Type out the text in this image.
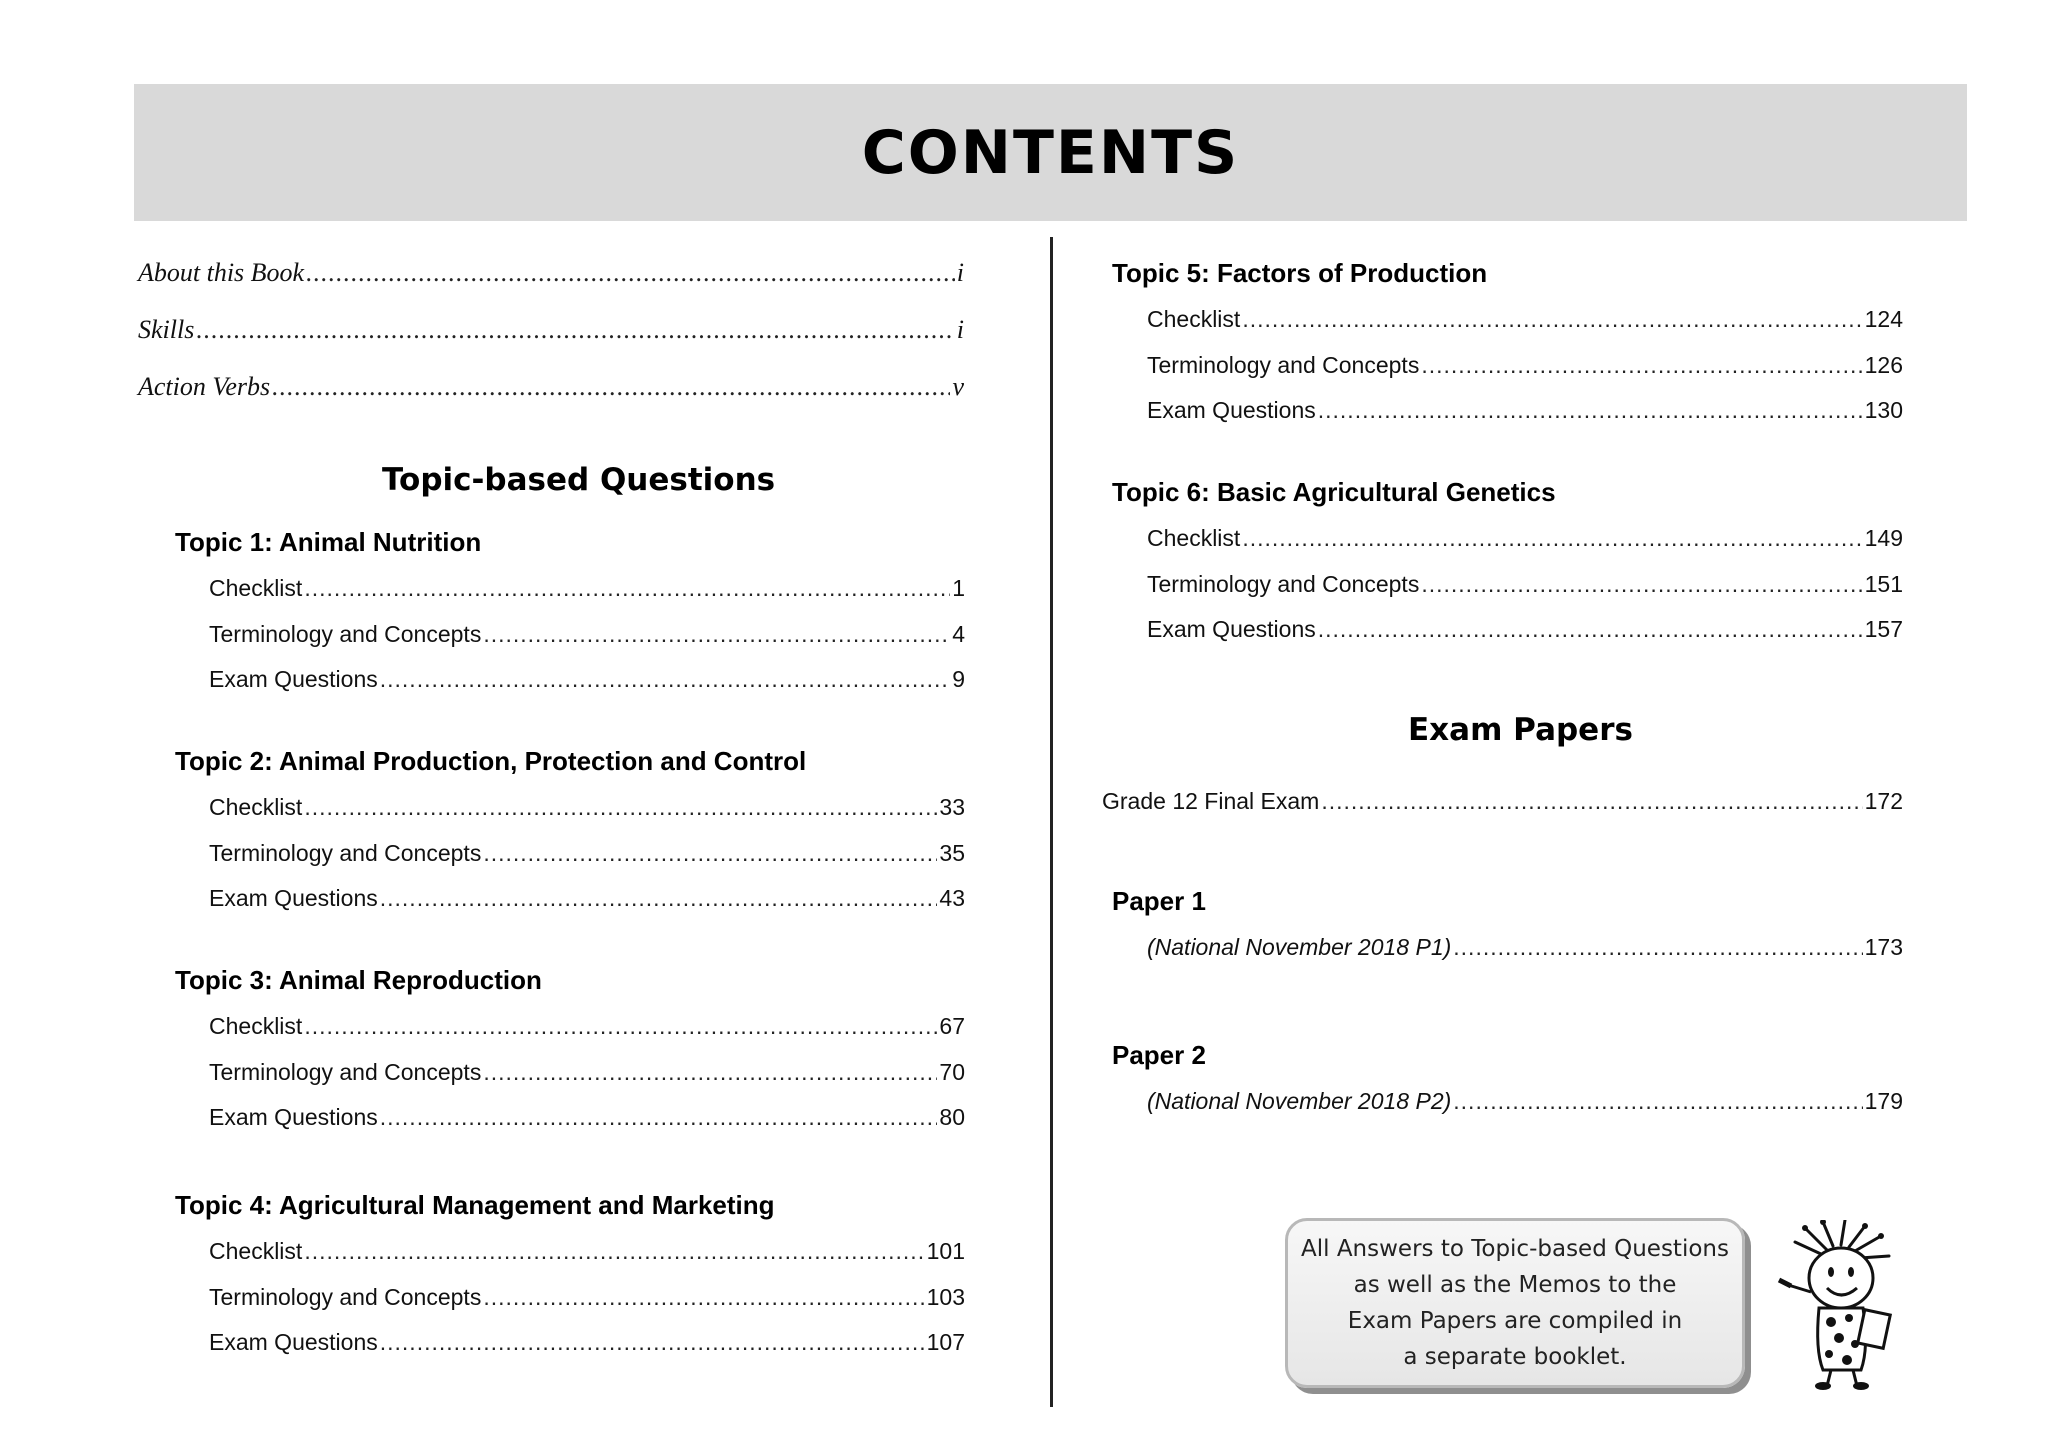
CONTENTS
About this Book .....	i
Skills .....	i
Action Verbs .....	v
Topic-based Questions
Topic 1: Animal Nutrition
Checklist .....	1
Terminology and Concepts .....	4
Exam Questions .....	9
Topic 2: Animal Production, Protection and Control
Checklist .....	33
Terminology and Concepts .....	35
Exam Questions .....	43
Topic 3: Animal Reproduction
Checklist .....	67
Terminology and Concepts .....	70
Exam Questions .....	80
Topic 4: Agricultural Management and Marketing
Checklist .....	101
Terminology and Concepts .....	103
Exam Questions .....	107
Topic 5: Factors of Production
Checklist .....	124
Terminology and Concepts .....	126
Exam Questions .....	130
Topic 6: Basic Agricultural Genetics
Checklist .....	149
Terminology and Concepts .....	151
Exam Questions .....	157
Exam Papers
Grade 12 Final Exam .....	172
Paper 1
(National November 2018 P1) .....	173
Paper 2
(National November 2018 P2) .....	179

All Answers to Topic-based Questions
as well as the Memos to the
Exam Papers are compiled in
a separate booklet.
